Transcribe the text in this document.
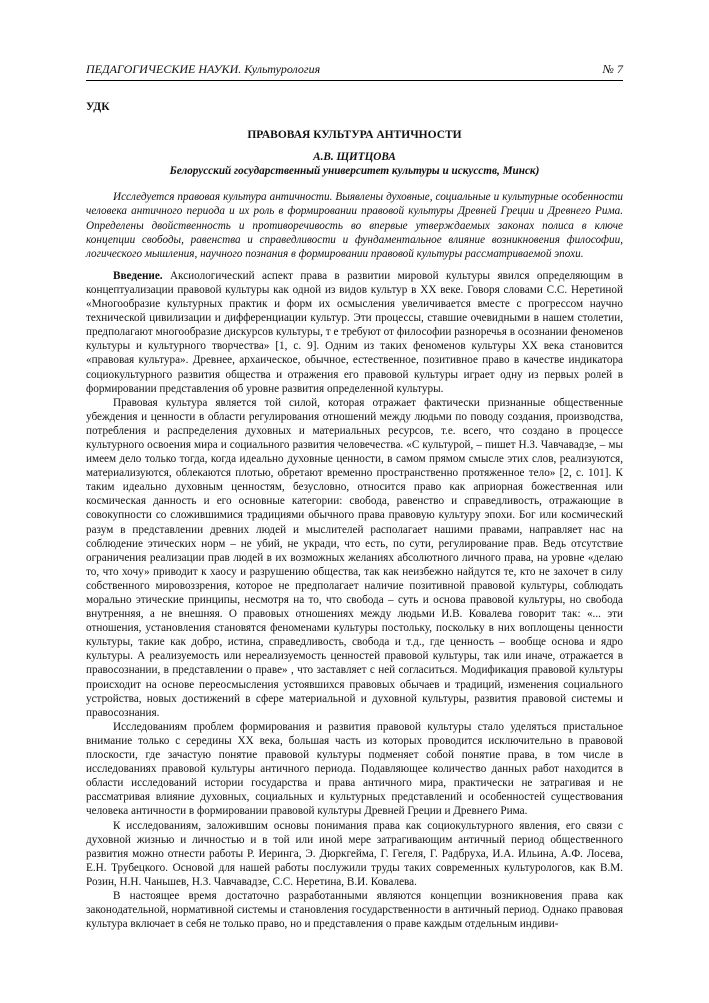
ПЕДАГОГИЧЕСКИЕ НАУКИ. Культурология	№ 7

УДК

ПРАВОВАЯ КУЛЬТУРА АНТИЧНОСТИ

А.В. ЩИТЦОВА

Белорусский государственный университет культуры и искусств, Минск)

Исследуется правовая культура античности. Выявлены духовные, социальные и культурные особенности человека античного периода и их роль в формировании правовой культуры Древней Греции и Древнего Рима. Определены двойственность и противоречивость во впервые утверждаемых законах полиса в ключе концепции свободы, равенства и справедливости и фундаментальное влияние возникновения философии, логического мышления, научного познания в формировании правовой культуры рассматриваемой эпохи.

Введение. Аксиологический аспект права в развитии мировой культуры явился определяющим в концептуализации правовой культуры как одной из видов культур в XX веке. Говоря словами С.С. Неретиной «Многообразие культурных практик и форм их осмысления увеличивается вместе с прогрессом научно технической цивилизации и дифференциации культур. Эти процессы, ставшие очевидными в нашем столетии, предполагают многообразие дискурсов культуры, т е требуют от философии разноречья в осознании феноменов культуры и культурного творчества» [1, с. 9]. Одним из таких феноменов культуры XX века становится «правовая культура». Древнее, архаическое, обычное, естественное, позитивное право в качестве индикатора социокультурного развития общества и отражения его правовой культуры играет одну из первых ролей в формировании представления об уровне развития определенной культуры.

Правовая культура является той силой, которая отражает фактически признанные общественные убеждения и ценности в области регулирования отношений между людьми по поводу создания, производства, потребления и распределения духовных и материальных ресурсов, т.е. всего, что создано в процессе культурного освоения мира и социального развития человечества. «С культурой, – пишет Н.З. Чавчавадзе, – мы имеем дело только тогда, когда идеально духовные ценности, в самом прямом смысле этих слов, реализуются, материализуются, облекаются плотью, обретают временно пространственно протяженное тело» [2, с. 101]. К таким идеально духовным ценностям, безусловно, относится право как априорная божественная или космическая данность и его основные категории: свобода, равенство и справедливость, отражающие в совокупности со сложившимися традициями обычного права правовую культуру эпохи. Бог или космический разум в представлении древних людей и мыслителей располагает нашими правами, направляет нас на соблюдение этических норм – не убий, не укради, что есть, по сути, регулирование прав. Ведь отсутствие ограничения реализации прав людей в их возможных желаниях абсолютного личного права, на уровне «делаю то, что хочу» приводит к хаосу и разрушению общества, так как неизбежно найдутся те, кто не захочет в силу собственного мировоззрения, которое не предполагает наличие позитивной правовой культуры, соблюдать морально этические принципы, несмотря на то, что свобода – суть и основа правовой культуры, но свобода внутренняя, а не внешняя. О правовых отношениях между людьми И.В. Ковалева говорит так: «... эти отношения, установления становятся феноменами культуры постольку, поскольку в них воплощены ценности культуры, такие как добро, истина, справедливость, свобода и т.д., где ценность – вообще основа и ядро культуры. А реализуемость или нереализуемость ценностей правовой культуры, так или иначе, отражается в правосознании, в представлении о праве» , что заставляет с ней согласиться. Модификация правовой культуры происходит на основе переосмысления устоявшихся правовых обычаев и традиций, изменения социального устройства, новых достижений в сфере материальной и духовной культуры, развития правовой системы и правосознания.

Исследованиям проблем формирования и развития правовой культуры стало уделяться пристальное внимание только с середины XX века, большая часть из которых проводится исключительно в правовой плоскости, где зачастую понятие правовой культуры подменяет собой понятие права, в том числе в исследованиях правовой культуры античного периода. Подавляющее количество данных работ находится в области исследований истории государства и права античного мира, практически не затрагивая и не рассматривая влияние духовных, социальных и культурных представлений и особенностей существования человека античности в формировании правовой культуры Древней Греции и Древнего Рима.

К исследованиям, заложившим основы понимания права как социокультурного явления, его связи с духовной жизнью и личностью и в той или иной мере затрагивающим античный период общественного развития можно отнести работы Р. Иеринга, Э. Дюркгейма, Г. Гегеля, Г. Радбруха, И.А. Ильина, А.Ф. Лосева, Е.Н. Трубецкого. Основой для нашей работы послужили труды таких современных культурологов, как В.М. Розин, Н.Н. Чаньшев, Н.З. Чавчавадзе, С.С. Неретина, В.И. Ковалева.

В настоящее время достаточно разработанными являются концепции возникновения права как законодательной, нормативной системы и становления государственности в античный период. Однако правовая культура включает в себя не только право, но и представления о праве каждым отдельным индиви-
